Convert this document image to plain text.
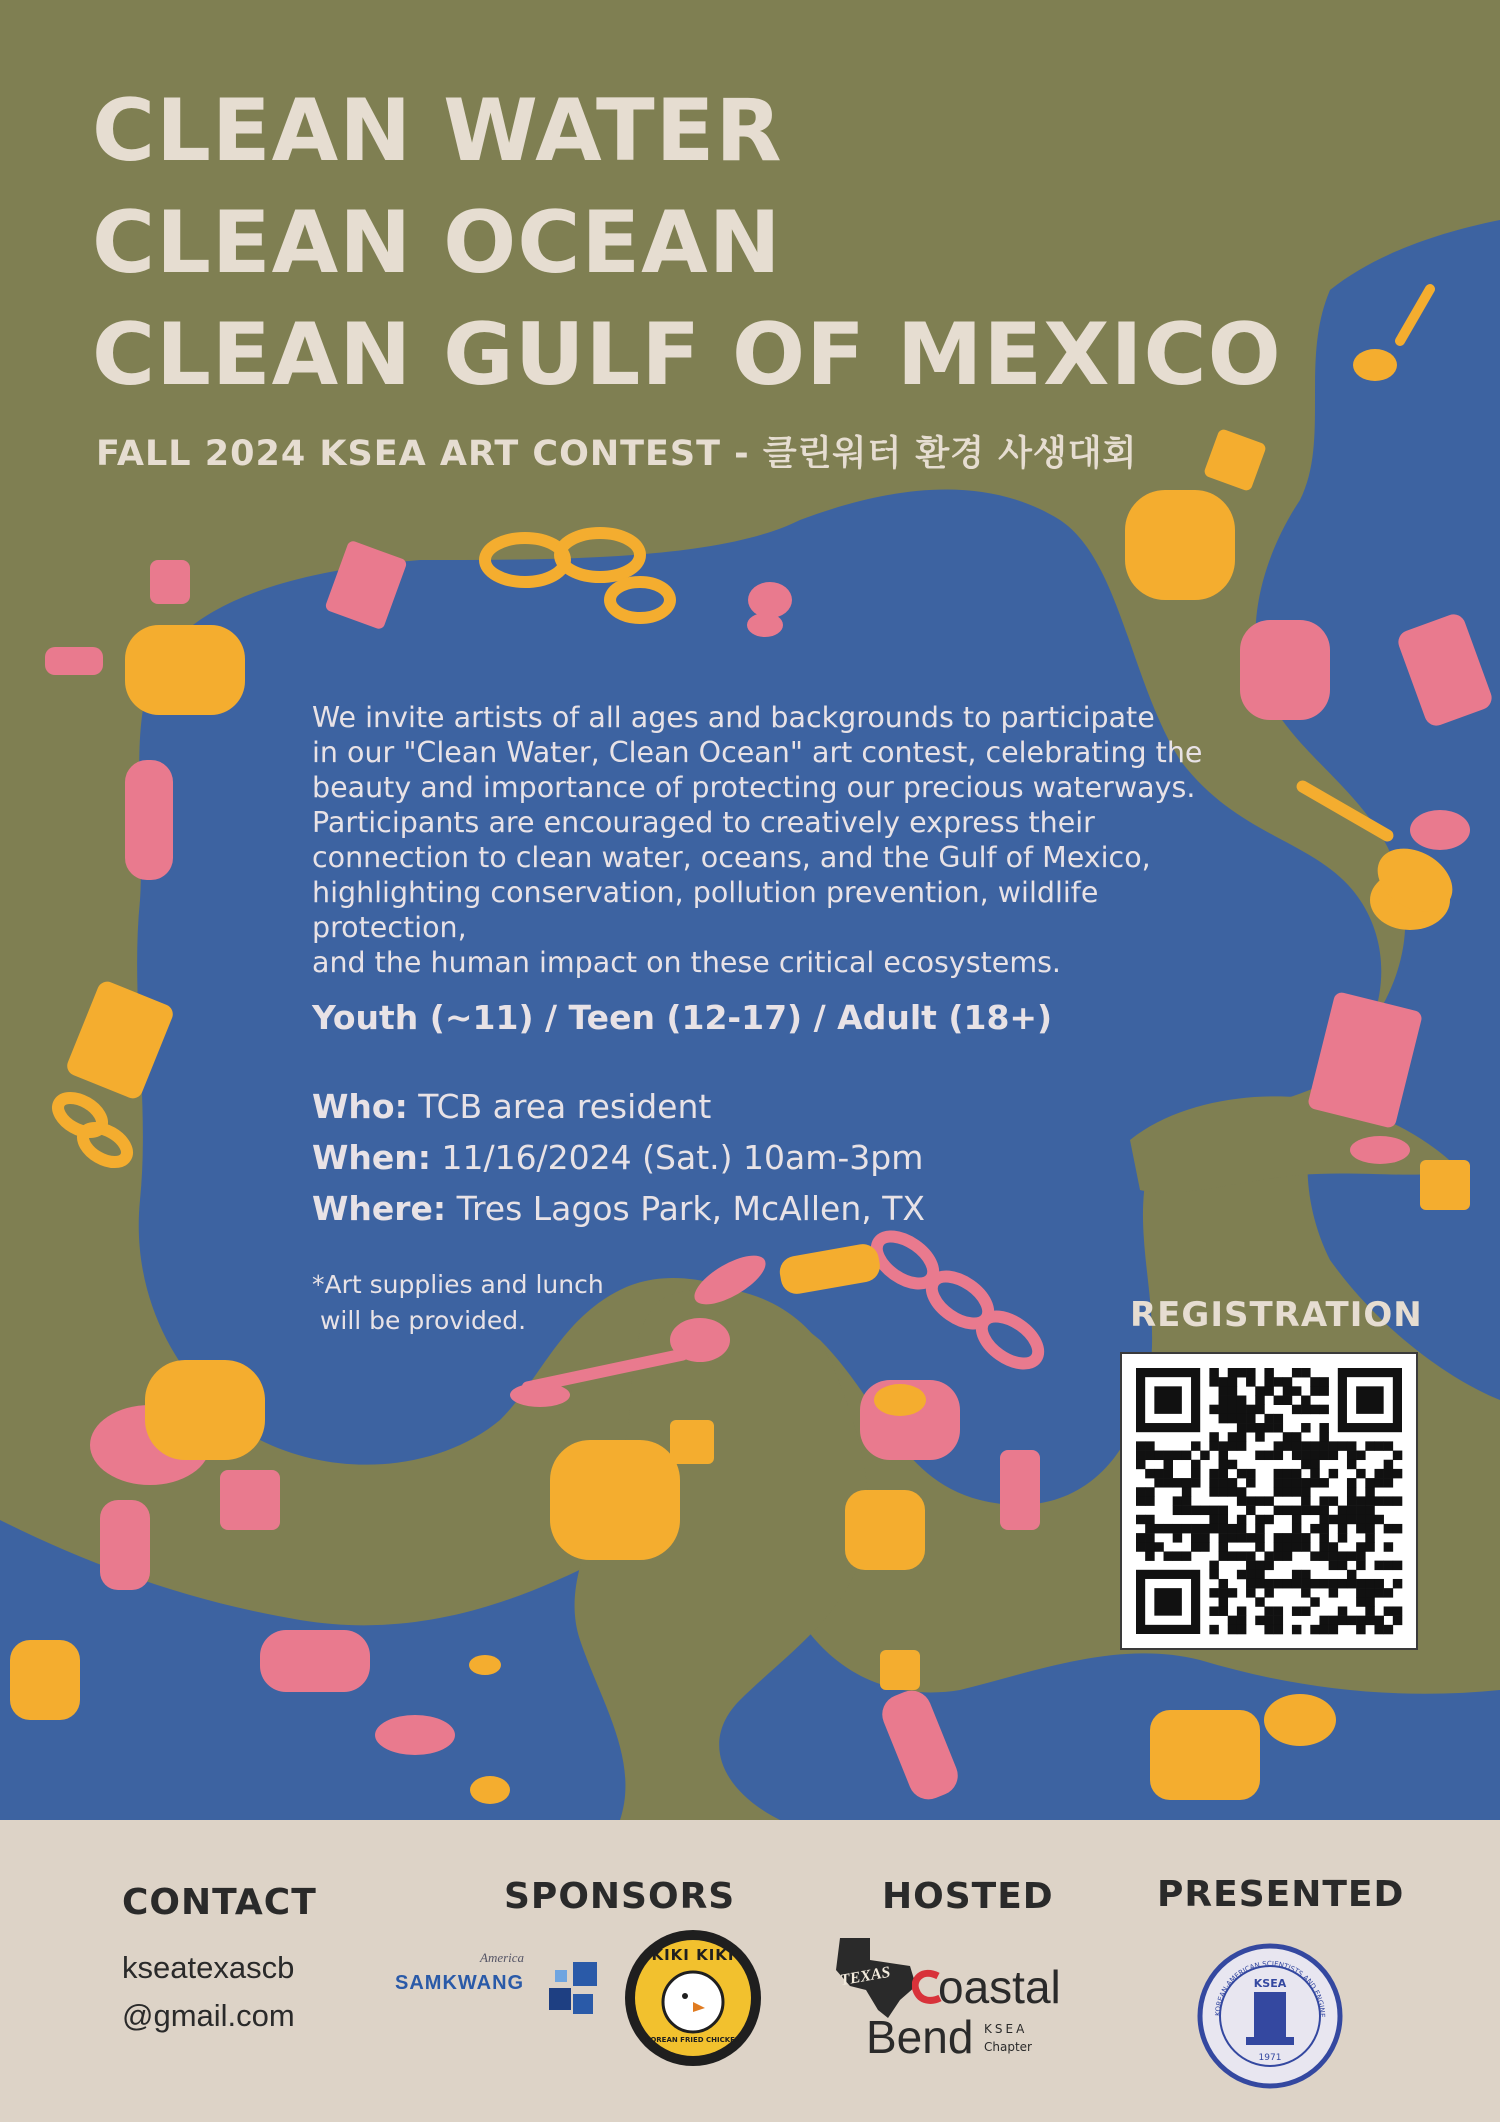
CLEAN WATER

CLEAN OCEAN

CLEAN GULF OF MEXICO

FALL 2024 KSEA ART CONTEST - 클린워터 환경 사생대회

We invite artists of all ages and backgrounds to participate
in our "Clean Water, Clean Ocean" art contest, celebrating the
beauty and importance of protecting our precious waterways.
Participants are encouraged to creatively express their
connection to clean water, oceans, and the Gulf of Mexico,
highlighting conservation, pollution prevention, wildlife protection,
and the human impact on these critical ecosystems.

Youth (~11) / Teen (12-17) / Adult (18+)

Who: TCB area resident

When: 11/16/2024 (Sat.) 10am-3pm

Where: Tres Lagos Park, McAllen, TX

*Art supplies and lunch
will be provided.	REGISTRATION
CONTACT
kseatexascb
@gmail.com
SPONSORS
America
SAMKWANG
KIKI KIKI
KOREAN FRIED CHICKEN
HOSTED
TEXAS oastal
Bend KSEA
Chapter
PRESENTED
KOREAN-AMERICAN SCIENTISTS AND ENGINE
KSEA
1971
